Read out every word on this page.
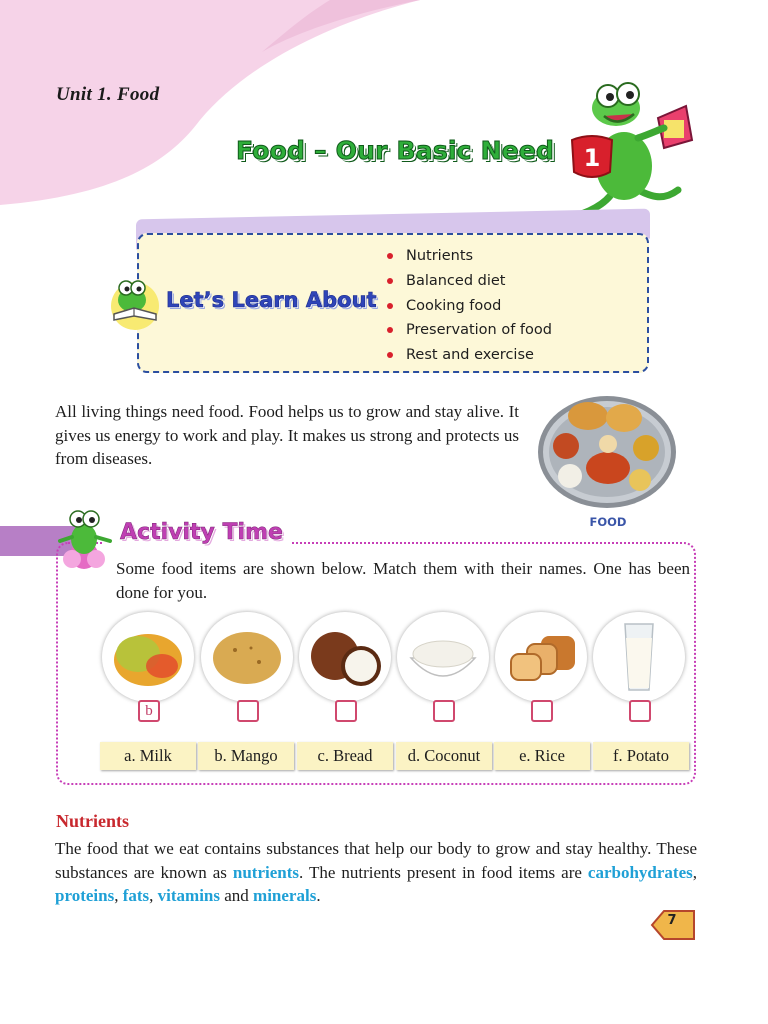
Unit 1. Food
Food – Our Basic Need 1
Let’s Learn About
Nutrients
Balanced diet
Cooking food
Preservation of food
Rest and exercise

All living things need food. Food helps us to grow and stay alive. It gives us energy to work and play. It makes us strong and protects us from diseases.

FOOD
Activity Time

Some food items are shown below. Match them with their names. One has been done for you.

b
a. Milk	b. Mango	c. Bread	d. Coconut	e. Rice	f. Potato
Nutrients

The food that we eat contains substances that help our body to grow and stay healthy. These substances are known as nutrients. The nutrients present in food items are carbohydrates, proteins, fats, vitamins and minerals.

7
